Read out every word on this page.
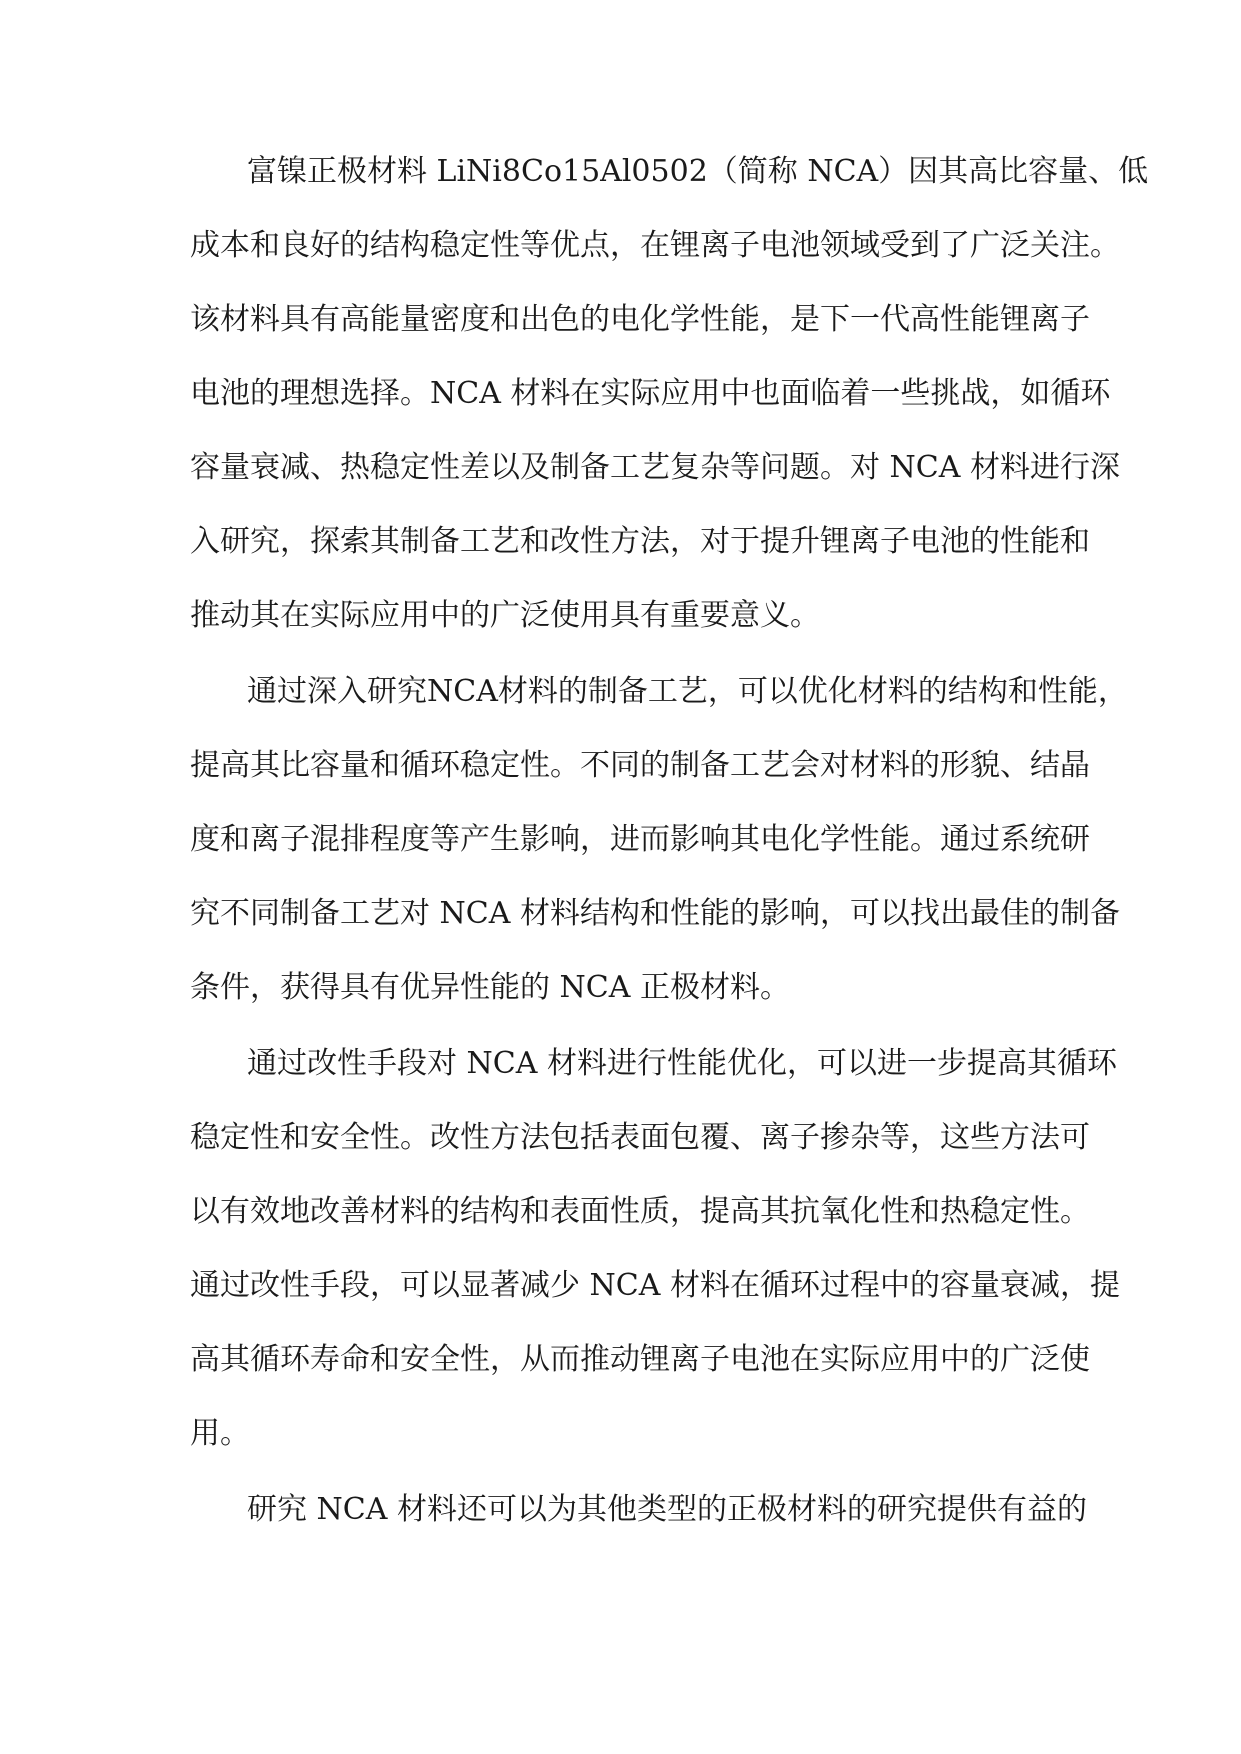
富镍正极材料 LiNi8Co15Al0502（简称 NCA）因其高比容量、低
成本和良好的结构稳定性等优点，在锂离子电池领域受到了广泛关注。
该材料具有高能量密度和出色的电化学性能，是下一代高性能锂离子
电池的理想选择。NCA 材料在实际应用中也面临着一些挑战，如循环
容量衰减、热稳定性差以及制备工艺复杂等问题。对 NCA 材料进行深
入研究，探索其制备工艺和改性方法，对于提升锂离子电池的性能和
推动其在实际应用中的广泛使用具有重要意义。
通过深入研究NCA材料的制备工艺，可以优化材料的结构和性能，
提高其比容量和循环稳定性。不同的制备工艺会对材料的形貌、结晶
度和离子混排程度等产生影响，进而影响其电化学性能。通过系统研
究不同制备工艺对 NCA 材料结构和性能的影响，可以找出最佳的制备
条件，获得具有优异性能的 NCA 正极材料。
通过改性手段对 NCA 材料进行性能优化，可以进一步提高其循环
稳定性和安全性。改性方法包括表面包覆、离子掺杂等，这些方法可
以有效地改善材料的结构和表面性质，提高其抗氧化性和热稳定性。
通过改性手段，可以显著减少 NCA 材料在循环过程中的容量衰减，提
高其循环寿命和安全性，从而推动锂离子电池在实际应用中的广泛使
用。
研究 NCA 材料还可以为其他类型的正极材料的研究提供有益的
